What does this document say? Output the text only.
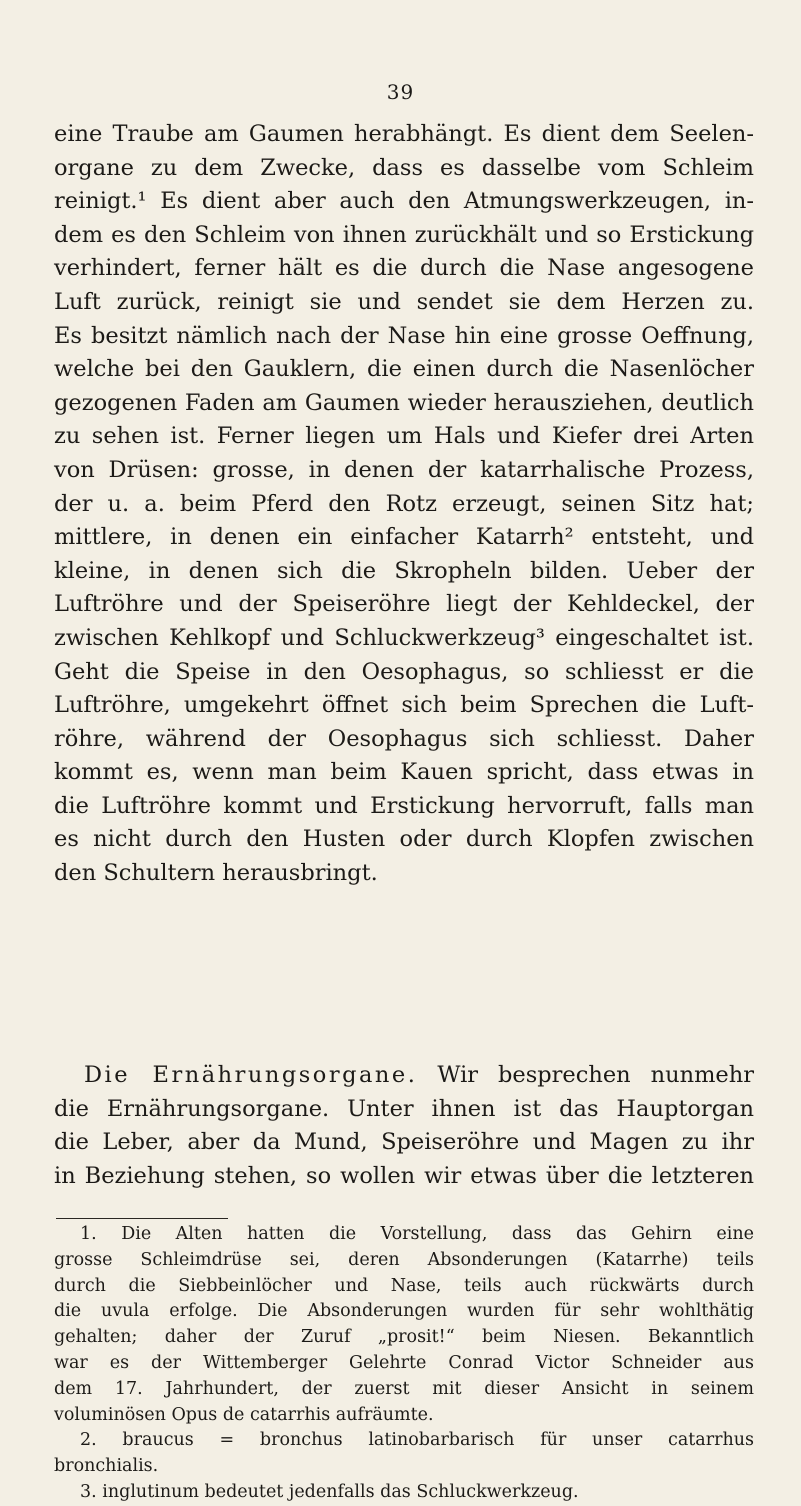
39
eine Traube am Gaumen herabhängt. Es dient dem Seelen-
organe zu dem Zwecke, dass es dasselbe vom Schleim
reinigt.¹ Es dient aber auch den Atmungswerkzeugen, in-
dem es den Schleim von ihnen zurückhält und so Erstickung
verhindert, ferner hält es die durch die Nase angesogene
Luft zurück, reinigt sie und sendet sie dem Herzen zu.
Es besitzt nämlich nach der Nase hin eine grosse Oeffnung,
welche bei den Gauklern, die einen durch die Nasenlöcher
gezogenen Faden am Gaumen wieder herausziehen, deutlich
zu sehen ist. Ferner liegen um Hals und Kiefer drei Arten
von Drüsen: grosse, in denen der katarrhalische Prozess,
der u. a. beim Pferd den Rotz erzeugt, seinen Sitz hat;
mittlere, in denen ein einfacher Katarrh² entsteht, und
kleine, in denen sich die Skropheln bilden. Ueber der
Luftröhre und der Speiseröhre liegt der Kehldeckel, der
zwischen Kehlkopf und Schluckwerkzeug³ eingeschaltet ist.
Geht die Speise in den Oesophagus, so schliesst er die
Luftröhre, umgekehrt öffnet sich beim Sprechen die Luft-
röhre, während der Oesophagus sich schliesst. Daher
kommt es, wenn man beim Kauen spricht, dass etwas in
die Luftröhre kommt und Erstickung hervorruft, falls man
es nicht durch den Husten oder durch Klopfen zwischen
den Schultern herausbringt.
Die Ernährungsorgane. Wir besprechen nunmehr
die Ernährungsorgane. Unter ihnen ist das Hauptorgan
die Leber, aber da Mund, Speiseröhre und Magen zu ihr
in Beziehung stehen, so wollen wir etwas über die letzteren
1. Die Alten hatten die Vorstellung, dass das Gehirn eine
grosse Schleimdrüse sei, deren Absonderungen (Katarrhe) teils
durch die Siebbeinlöcher und Nase, teils auch rückwärts durch
die uvula erfolge. Die Absonderungen wurden für sehr wohlthätig
gehalten; daher der Zuruf „prosit!“ beim Niesen. Bekanntlich
war es der Wittemberger Gelehrte Conrad Victor Schneider aus
dem 17. Jahrhundert, der zuerst mit dieser Ansicht in seinem
voluminösen Opus de catarrhis aufräumte.
2. braucus = bronchus latinobarbarisch für unser catarrhus
bronchialis.
3. inglutinum bedeutet jedenfalls das Schluckwerkzeug.
